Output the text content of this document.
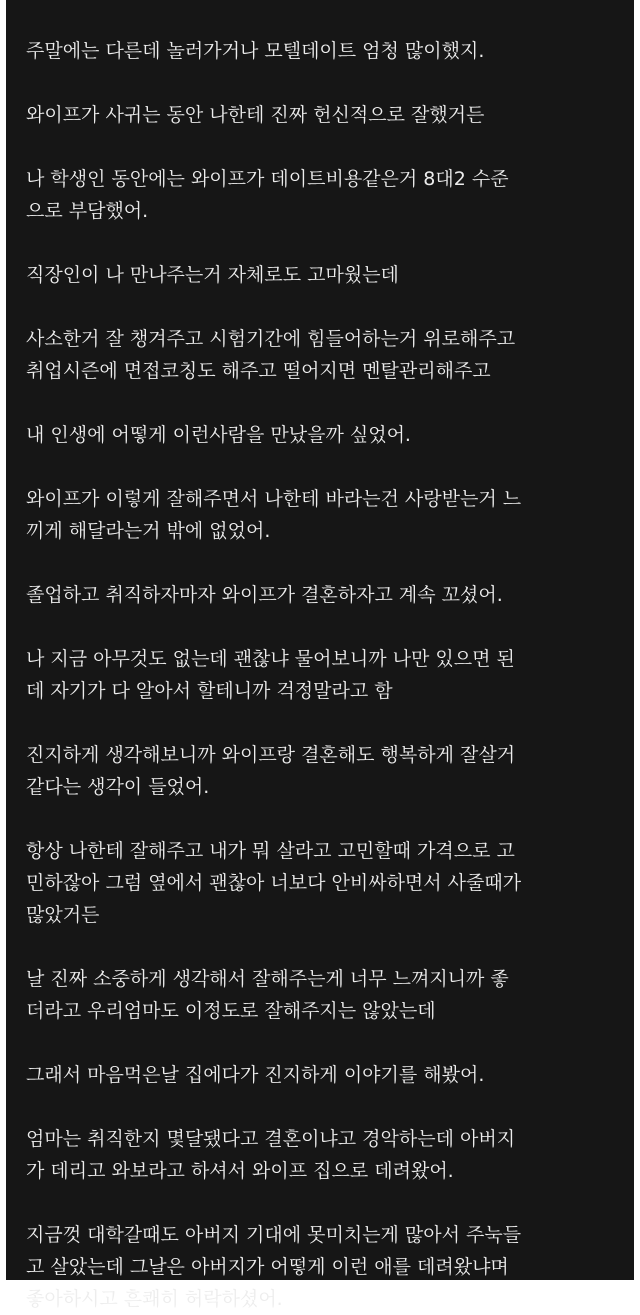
주말에는 다른데 놀러가거나 모텔데이트 엄청 많이했지.

와이프가 사귀는 동안 나한테 진짜 헌신적으로 잘했거든

나 학생인 동안에는 와이프가 데이트비용같은거 8대2 수준
으로 부담했어.

직장인이 나 만나주는거 자체로도 고마웠는데

사소한거 잘 챙겨주고 시험기간에 힘들어하는거 위로해주고
취업시즌에 면접코칭도 해주고 떨어지면 멘탈관리해주고

내 인생에 어떻게 이런사람을 만났을까 싶었어.

와이프가 이렇게 잘해주면서 나한테 바라는건 사랑받는거 느
끼게 해달라는거 밖에 없었어.

졸업하고 취직하자마자 와이프가 결혼하자고 계속 꼬셨어.

나 지금 아무것도 없는데 괜찮냐 물어보니까 나만 있으면 된
데 자기가 다 알아서 할테니까 걱정말라고 함

진지하게 생각해보니까 와이프랑 결혼해도 행복하게 잘살거
같다는 생각이 들었어.

항상 나한테 잘해주고 내가 뭐 살라고 고민할때 가격으로 고
민하잖아 그럼 옆에서 괜찮아 너보다 안비싸하면서 사줄때가
많았거든

날 진짜 소중하게 생각해서 잘해주는게 너무 느껴지니까 좋
더라고 우리엄마도 이정도로 잘해주지는 않았는데

그래서 마음먹은날 집에다가 진지하게 이야기를 해봤어.

엄마는 취직한지 몇달됐다고 결혼이냐고 경악하는데 아버지
가 데리고 와보라고 하셔서 와이프 집으로 데려왔어.

지금껏 대학갈때도 아버지 기대에 못미치는게 많아서 주눅들
고 살았는데 그날은 아버지가 어떻게 이런 애를 데려왔냐며
좋아하시고 흔쾌히 허락하셨어.
